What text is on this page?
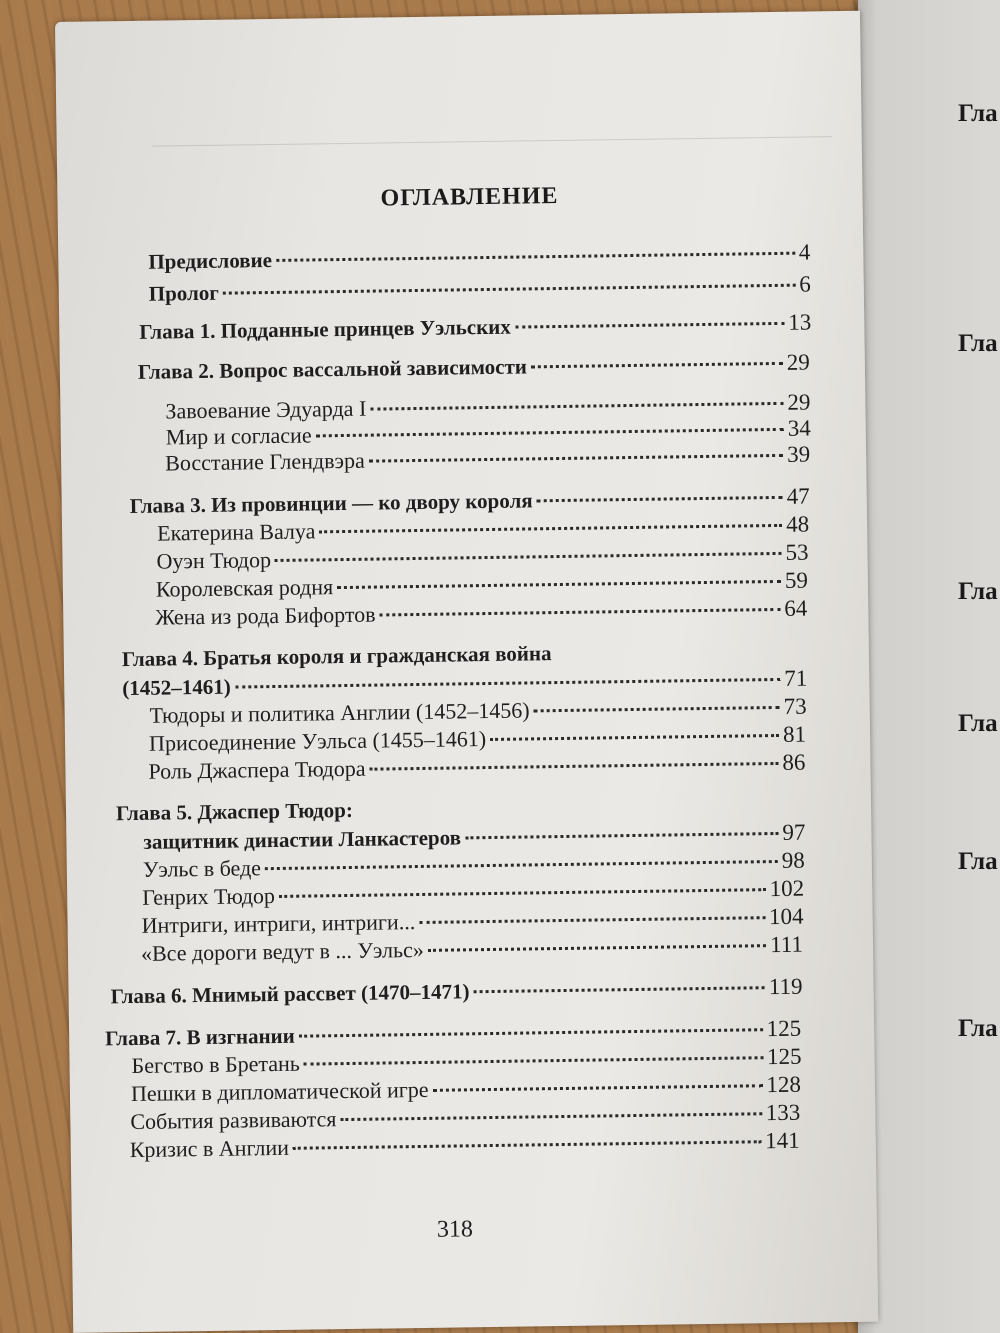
Гла
Гла
Гла
Гла
Гла
Гла
ОГЛАВЛЕНИЕ
Предисловие	4
Пролог	6
Глава 1. Подданные принцев Уэльских	13
Глава 2. Вопрос вассальной зависимости	29
Завоевание Эдуарда I	29
Мир и согласие	34
Восстание Глендвэра	39
Глава 3. Из провинции — ко двору короля	47
Екатерина Валуа	48
Оуэн Тюдор	53
Королевская родня	59
Жена из рода Бифортов	64
Глава 4. Братья короля и гражданская война
(1452–1461)	71
Тюдоры и политика Англии (1452–1456)	73
Присоединение Уэльса (1455–1461)	81
Роль Джаспера Тюдора	86
Глава 5. Джаспер Тюдор:
защитник династии Ланкастеров	97
Уэльс в беде	98
Генрих Тюдор	102
Интриги, интриги, интриги...	104
«Все дороги ведут в ... Уэльс»	111
Глава 6. Мнимый рассвет (1470–1471)	119
Глава 7. В изгнании	125
Бегство в Бретань	125
Пешки в дипломатической игре	128
События развиваются	133
Кризис в Англии	141
318
